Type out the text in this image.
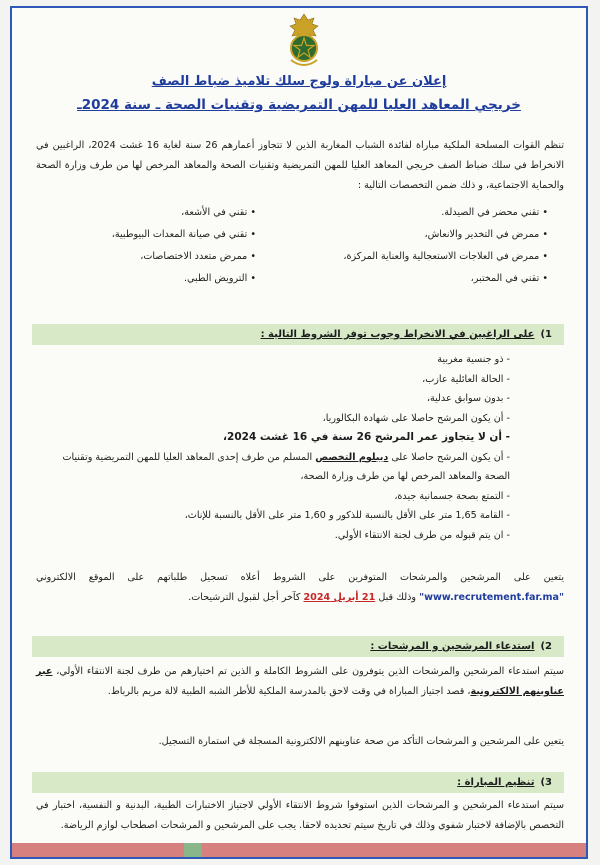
إعلان عن مباراة ولوج سلك تلاميذ ضباط الصف
خريجي المعاهد العليا للمهن التمريضية وتقنيات الصحة ـ سنة 2024ـ
تنظم القوات المسلحة الملكية مباراة لفائدة الشباب المغاربة الذين لا تتجاوز أعمارهم 26 سنة لغاية 16 غشت 2024، الراغبين في الانخراط في سلك ضباط الصف خريجي المعاهد العليا للمهن التمريضية وتقنيات الصحة والمعاهد المرخص لها من طرف وزارة الصحة والحماية الاجتماعية، و ذلك ضمن التخصصات التالية :
• تقني محضر في الصيدلة.
• ممرض في التخدير والانعاش،
• ممرض في العلاجات الاستعجالية والعناية المركزة،
• تقني في المختبر،
• تقني في الأشعة،
• تقني في صيانة المعدات البيوطبية،
• ممرض متعدد الاختصاصات،
• الترويض الطبي.
1)على الراغبين في الانخراط وجوب توفر الشروط التالية :
- ذو جنسية مغربية
- الحالة العائلية عازب،
- بدون سوابق عدلية،
- أن يكون المرشح حاصلا على شهادة البكالوريا،
- أن لا يتجاوز عمر المرشح 26 سنة في 16 غشت 2024،
- أن يكون المرشح حاصلا على ديبلوم التخصص المسلم من طرف إحدى المعاهد العليا للمهن التمريضية وتقنيات الصحة والمعاهد المرخص لها من طرف وزارة الصحة،
- التمتع بصحة جسمانية جيدة،
- القامة 1,65 متر على الأقل بالنسبة للذكور و 1,60 متر على الأقل بالنسبة للإناث،
- ان يتم قبوله من طرف لجنة الانتقاء الأولي.
يتعين على المرشحين والمرشحات المتوفرين على الشروط أعلاه تسجيل طلباتهم على الموقع الالكتروني "www.recrutement.far.ma" وذلك قبل 21 أبريل 2024 كآخر أجل لقبول الترشيحات.
2)استدعاء المرشحين و المرشحات :
سيتم استدعاء المرشحين والمرشحات الذين يتوفرون على الشروط الكاملة و الذين تم اختيارهم من طرف لجنة الانتقاء الأولي، عبر عناوينهم الالكترونية، قصد اجتياز المباراة في وقت لاحق بالمدرسة الملكية للأطر الشبه الطبية لالة مريم بالرباط.
يتعين على المرشحين و المرشحات التأكد من صحة عناوينهم الالكترونية المسجلة في استمارة التسجيل.
3)تنظيم المباراة :
سيتم استدعاء المرشحين و المرشحات الذين استوفوا شروط الانتقاء الأولي لاجتياز الاختبارات الطبية، البدنية و النفسية، اختبار في التخصص بالإضافة لاختبار شفوي وذلك في تاريخ سيتم تحديده لاحقا. يجب على المرشحين و المرشحات اصطحاب لوازم الرياضة.
